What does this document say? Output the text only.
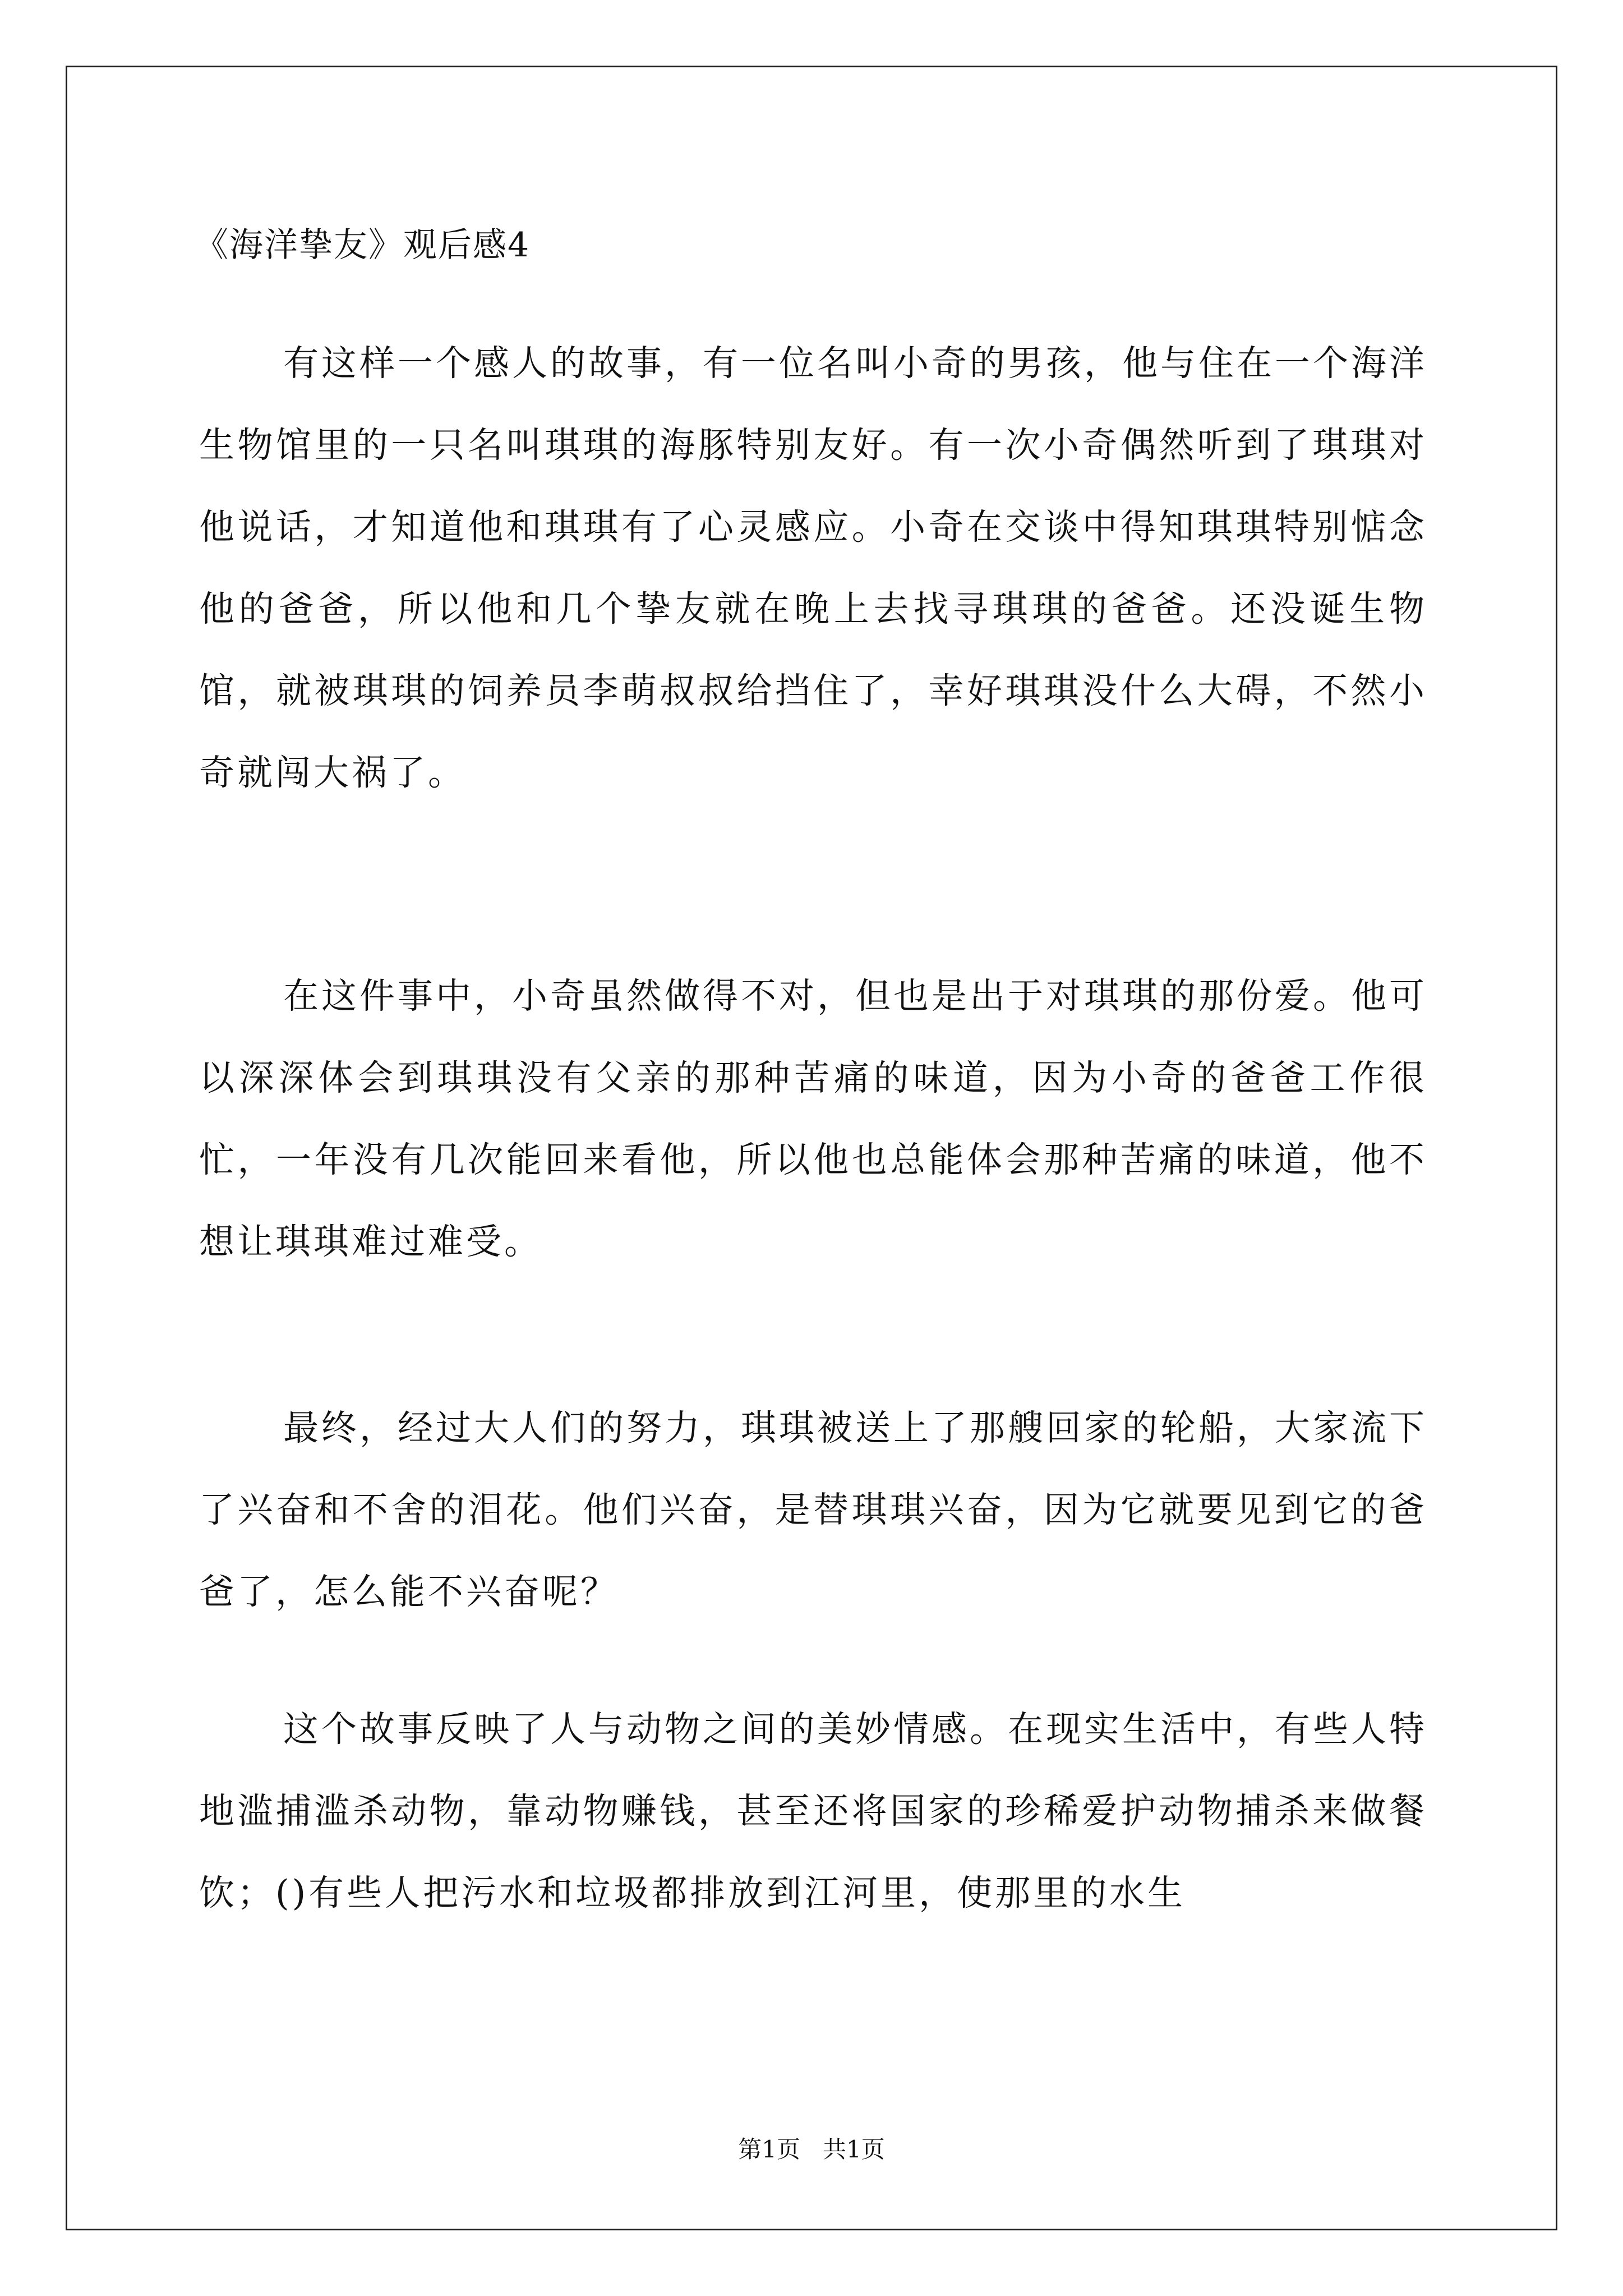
《海洋挚友》观后感4

有这样一个感人的故事，有一位名叫小奇的男孩，他与住在一个海洋生物馆里的一只名叫琪琪的海豚特别友好。有一次小奇偶然听到了琪琪对他说话，才知道他和琪琪有了心灵感应。小奇在交谈中得知琪琪特别惦念他的爸爸，所以他和几个挚友就在晚上去找寻琪琪的爸爸。还没诞生物馆，就被琪琪的饲养员李萌叔叔给挡住了，幸好琪琪没什么大碍，不然小奇就闯大祸了。

在这件事中，小奇虽然做得不对，但也是出于对琪琪的那份爱。他可以深深体会到琪琪没有父亲的那种苦痛的味道，因为小奇的爸爸工作很忙，一年没有几次能回来看他，所以他也总能体会那种苦痛的味道，他不想让琪琪难过难受。

最终，经过大人们的努力，琪琪被送上了那艘回家的轮船，大家流下了兴奋和不舍的泪花。他们兴奋，是替琪琪兴奋，因为它就要见到它的爸爸了，怎么能不兴奋呢？

这个故事反映了人与动物之间的美妙情感。在现实生活中，有些人特地滥捕滥杀动物，靠动物赚钱，甚至还将国家的珍稀爱护动物捕杀来做餐饮；()有些人把污水和垃圾都排放到江河里，使那里的水生

第1页 共1页
